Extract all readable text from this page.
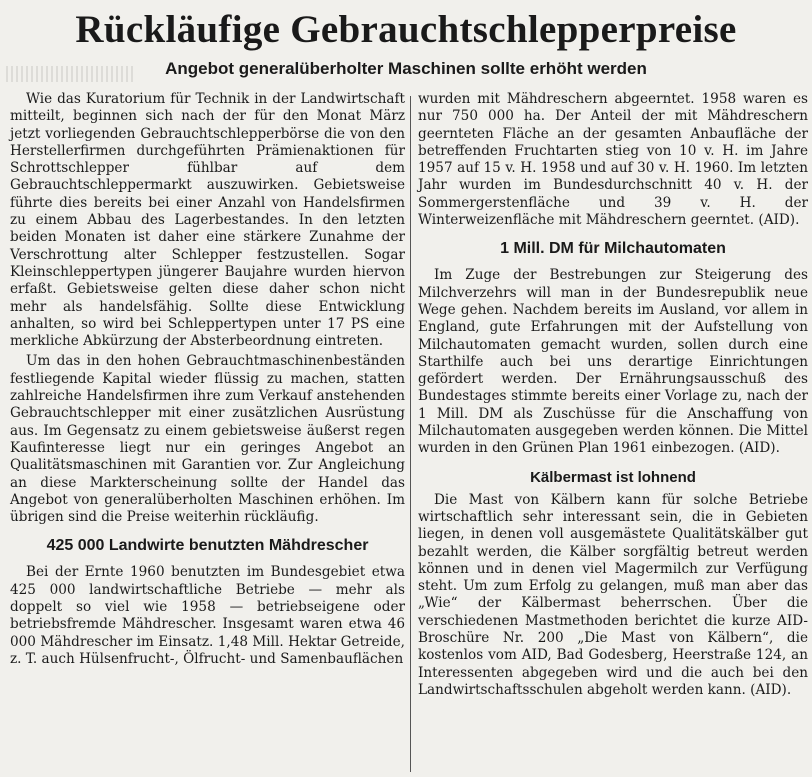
Rückläufige Gebrauchtschlepperpreise
Angebot generalüberholter Maschinen sollte erhöht werden

Wie das Kuratorium für Technik in der Landwirtschaft mitteilt, beginnen sich nach der für den Monat März jetzt vorliegenden Gebrauchtschlepperbörse die von den Herstellerfirmen durchgeführten Prämienaktionen für Schrottschlepper fühlbar auf dem Gebrauchtschleppermarkt auszuwirken. Gebietsweise führte dies bereits bei einer Anzahl von Handelsfirmen zu einem Abbau des Lagerbestandes. In den letzten beiden Monaten ist daher eine stärkere Zunahme der Verschrottung alter Schlepper festzustellen. Sogar Kleinschleppertypen jüngerer Baujahre wurden hiervon erfaßt. Gebietsweise gelten diese daher schon nicht mehr als handelsfähig. Sollte diese Entwicklung anhalten, so wird bei Schleppertypen unter 17 PS eine merkliche Abkürzung der Absterbeordnung eintreten.

Um das in den hohen Gebrauchtmaschinenbeständen festliegende Kapital wieder flüssig zu machen, statten zahlreiche Handelsfirmen ihre zum Verkauf anstehenden Gebrauchtschlepper mit einer zusätzlichen Ausrüstung aus. Im Gegensatz zu einem gebietsweise äußerst regen Kaufinteresse liegt nur ein geringes Angebot an Qualitätsmaschinen mit Garantien vor. Zur Angleichung an diese Markterscheinung sollte der Handel das Angebot von generalüberholten Maschinen erhöhen. Im übrigen sind die Preise weiterhin rückläufig.

425 000 Landwirte benutzten Mähdrescher

Bei der Ernte 1960 benutzten im Bundesgebiet etwa 425 000 landwirtschaftliche Betriebe — mehr als doppelt so viel wie 1958 — betriebseigene oder betriebsfremde Mähdrescher. Insgesamt waren etwa 46 000 Mähdrescher im Einsatz. 1,48 Mill. Hektar Getreide, z. T. auch Hülsenfrucht-, Ölfrucht- und Samenbauflächen

wurden mit Mähdreschern abgeerntet. 1958 waren es nur 750 000 ha. Der Anteil der mit Mähdreschern geernteten Fläche an der gesamten Anbaufläche der betreffenden Fruchtarten stieg von 10 v. H. im Jahre 1957 auf 15 v. H. 1958 und auf 30 v. H. 1960. Im letzten Jahr wurden im Bundesdurchschnitt 40 v. H. der Sommergerstenfläche und 39 v. H. der Winterweizenfläche mit Mähdreschern geerntet. (AID).

1 Mill. DM für Milchautomaten

Im Zuge der Bestrebungen zur Steigerung des Milchverzehrs will man in der Bundesrepublik neue Wege gehen. Nachdem bereits im Ausland, vor allem in England, gute Erfahrungen mit der Aufstellung von Milchautomaten gemacht wurden, sollen durch eine Starthilfe auch bei uns derartige Einrichtungen gefördert werden. Der Ernährungsausschuß des Bundestages stimmte bereits einer Vorlage zu, nach der 1 Mill. DM als Zuschüsse für die Anschaffung von Milchautomaten ausgegeben werden können. Die Mittel wurden in den Grünen Plan 1961 einbezogen. (AID).

Kälbermast ist lohnend

Die Mast von Kälbern kann für solche Betriebe wirtschaftlich sehr interessant sein, die in Gebieten liegen, in denen voll ausgemästete Qualitätskälber gut bezahlt werden, die Kälber sorgfältig betreut werden können und in denen viel Magermilch zur Verfügung steht. Um zum Erfolg zu gelangen, muß man aber das „Wie“ der Kälbermast beherrschen. Über die verschiedenen Mastmethoden berichtet die kurze AID-Broschüre Nr. 200 „Die Mast von Kälbern“, die kostenlos vom AID, Bad Godesberg, Heerstraße 124, an Interessenten abgegeben wird und die auch bei den Landwirtschaftsschulen abgeholt werden kann. (AID).
